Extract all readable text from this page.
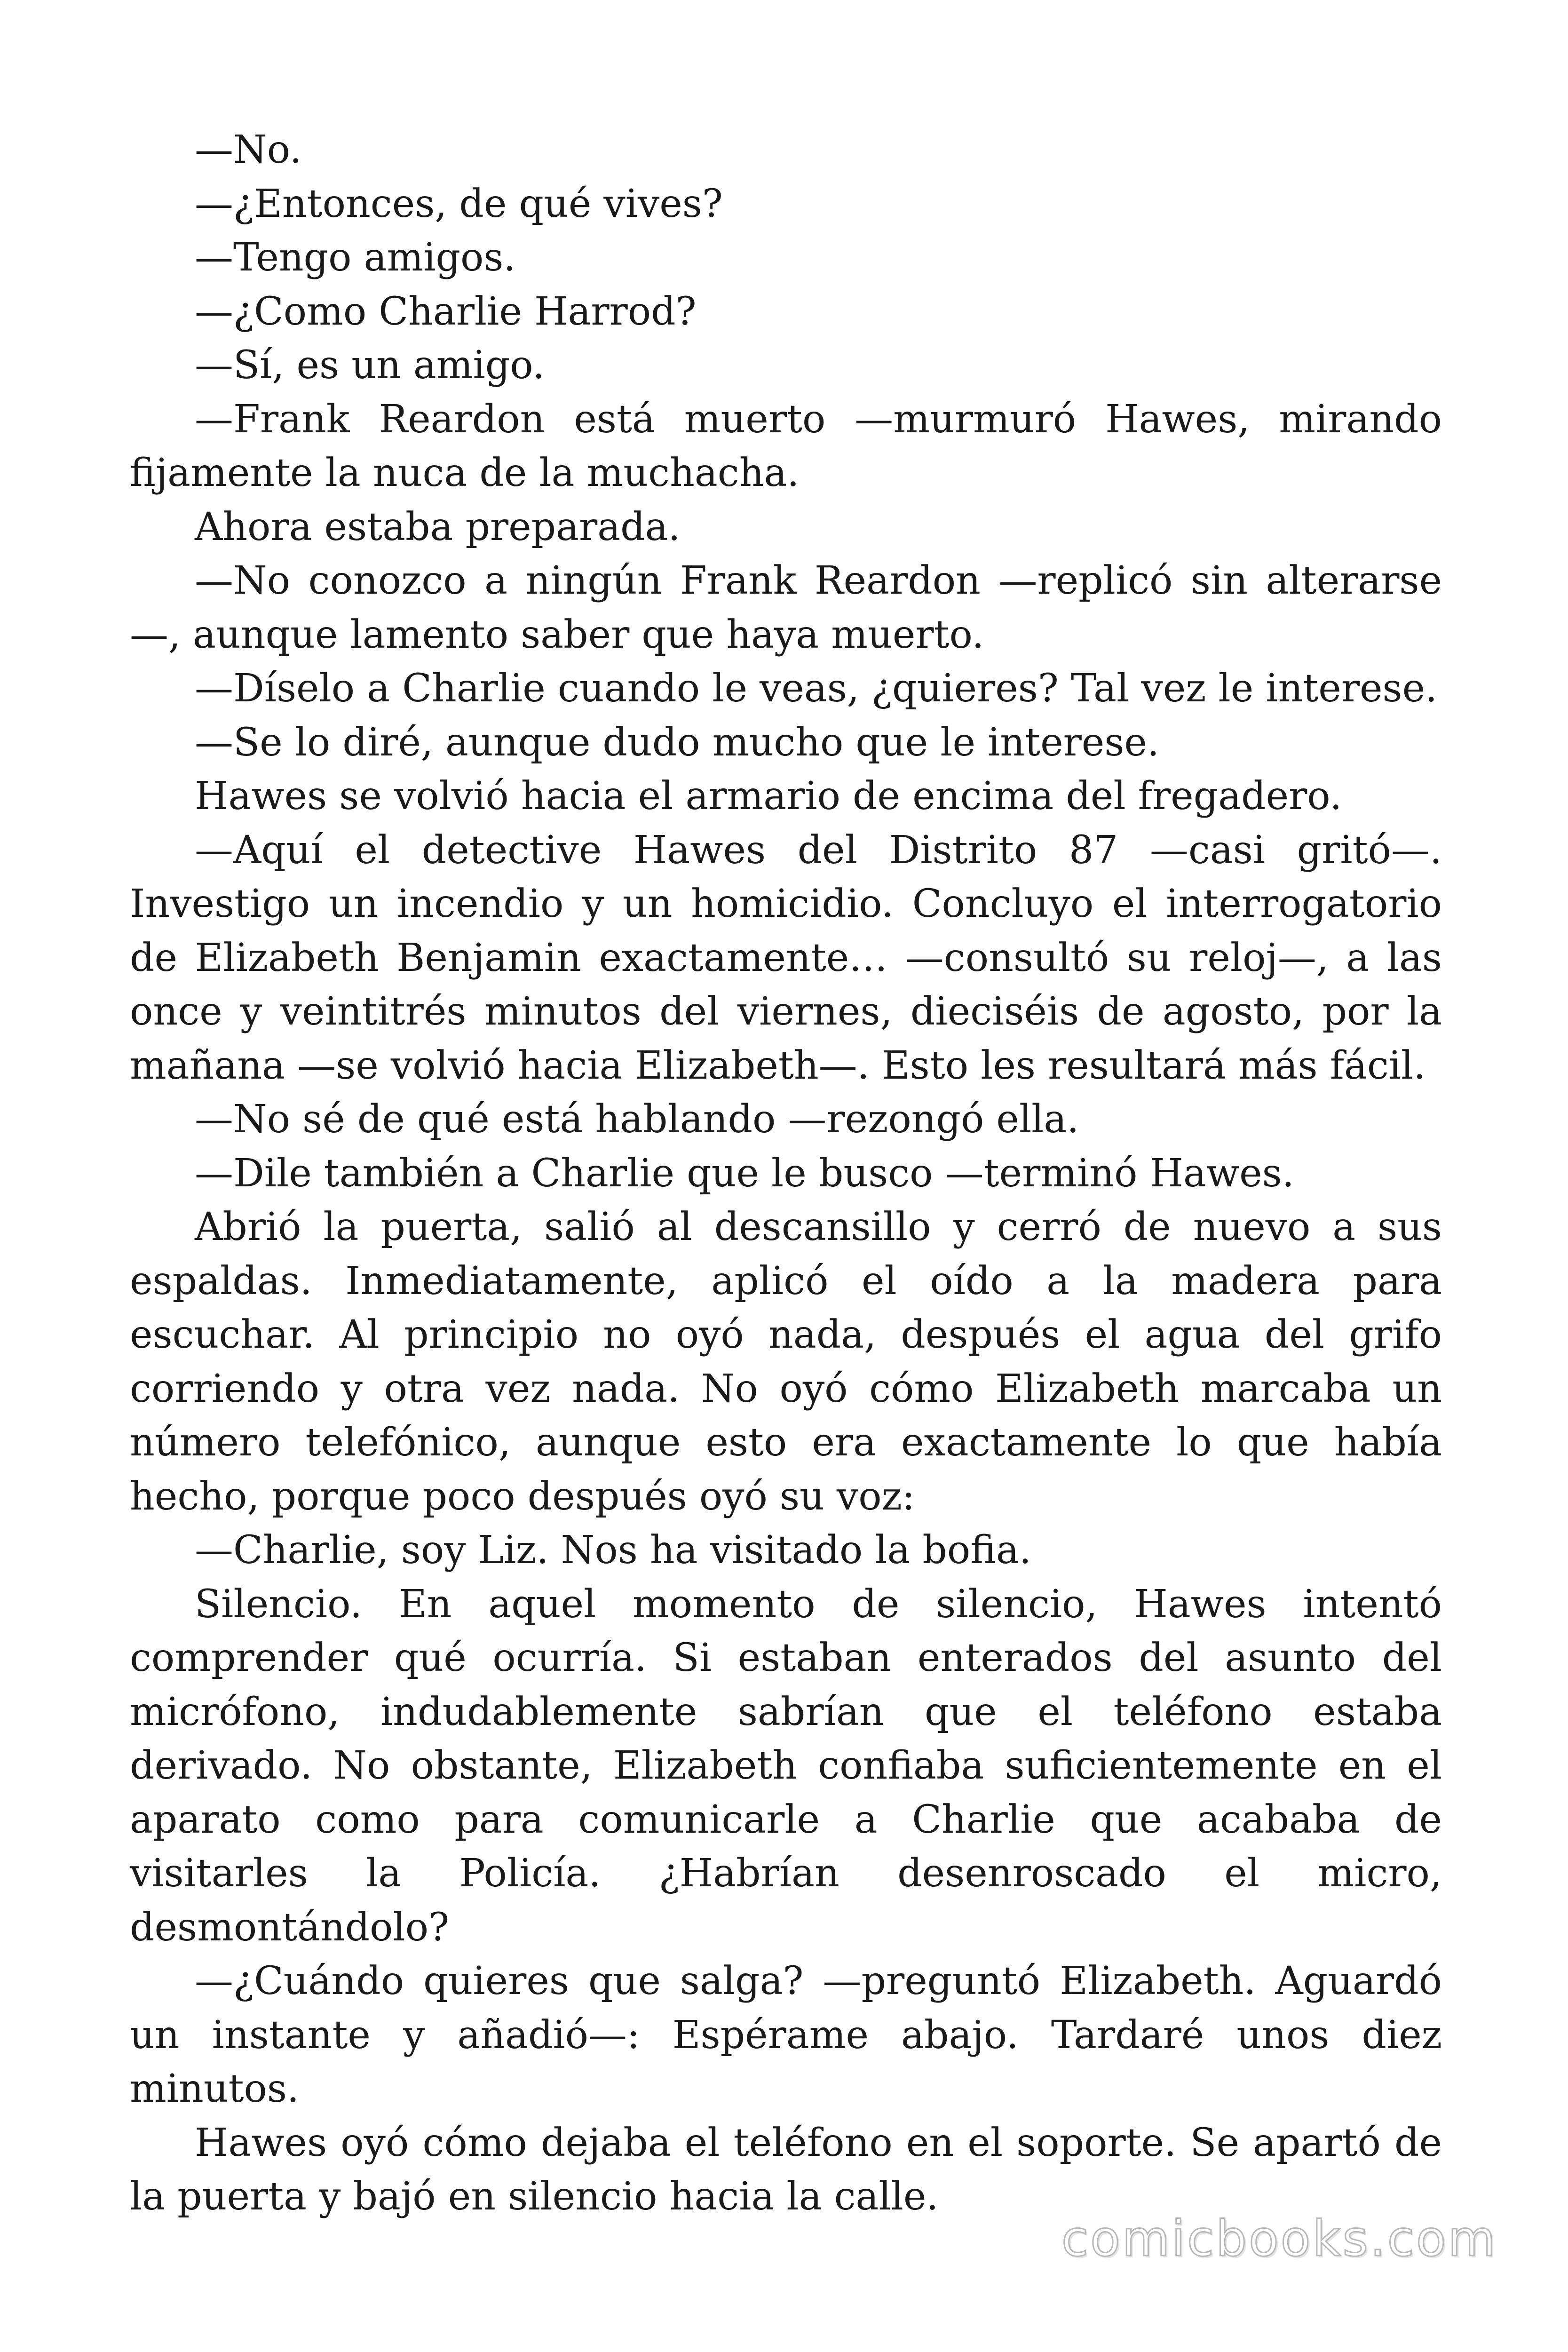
—No.

—¿Entonces, de qué vives?

—Tengo amigos.

—¿Como Charlie Harrod?

—Sí, es un amigo.

—Frank Reardon está muerto —murmuró Hawes, mirando fijamente la nuca de la muchacha.

Ahora estaba preparada.

—No conozco a ningún Frank Reardon —replicó sin alterarse—, aunque lamento saber que haya muerto.

—Díselo a Charlie cuando le veas, ¿quieres? Tal vez le interese.

—Se lo diré, aunque dudo mucho que le interese.

Hawes se volvió hacia el armario de encima del fregadero.

—Aquí el detective Hawes del Distrito 87 —casi gritó—. Investigo un incendio y un homicidio. Concluyo el interrogatorio de Elizabeth Benjamin exactamente… —consultó su reloj—, a las once y veintitrés minutos del viernes, dieciséis de agosto, por la mañana —se volvió hacia Elizabeth—. Esto les resultará más fácil.

—No sé de qué está hablando —rezongó ella.

—Dile también a Charlie que le busco —terminó Hawes.

Abrió la puerta, salió al descansillo y cerró de nuevo a sus espaldas. Inmediatamente, aplicó el oído a la madera para escuchar. Al principio no oyó nada, después el agua del grifo corriendo y otra vez nada. No oyó cómo Elizabeth marcaba un número telefónico, aunque esto era exactamente lo que había hecho, porque poco después oyó su voz:

—Charlie, soy Liz. Nos ha visitado la bofia.

Silencio. En aquel momento de silencio, Hawes intentó comprender qué ocurría. Si estaban enterados del asunto del micrófono, indudablemente sabrían que el teléfono estaba derivado. No obstante, Elizabeth confiaba suficientemente en el aparato como para comunicarle a Charlie que acababa de visitarles la Policía. ¿Habrían desenroscado el micro, desmontándolo?

—¿Cuándo quieres que salga? —preguntó Elizabeth. Aguardó un instante y añadió—: Espérame abajo. Tardaré unos diez minutos.

Hawes oyó cómo dejaba el teléfono en el soporte. Se apartó de la puerta y bajó en silencio hacia la calle.

comicbooks.com
